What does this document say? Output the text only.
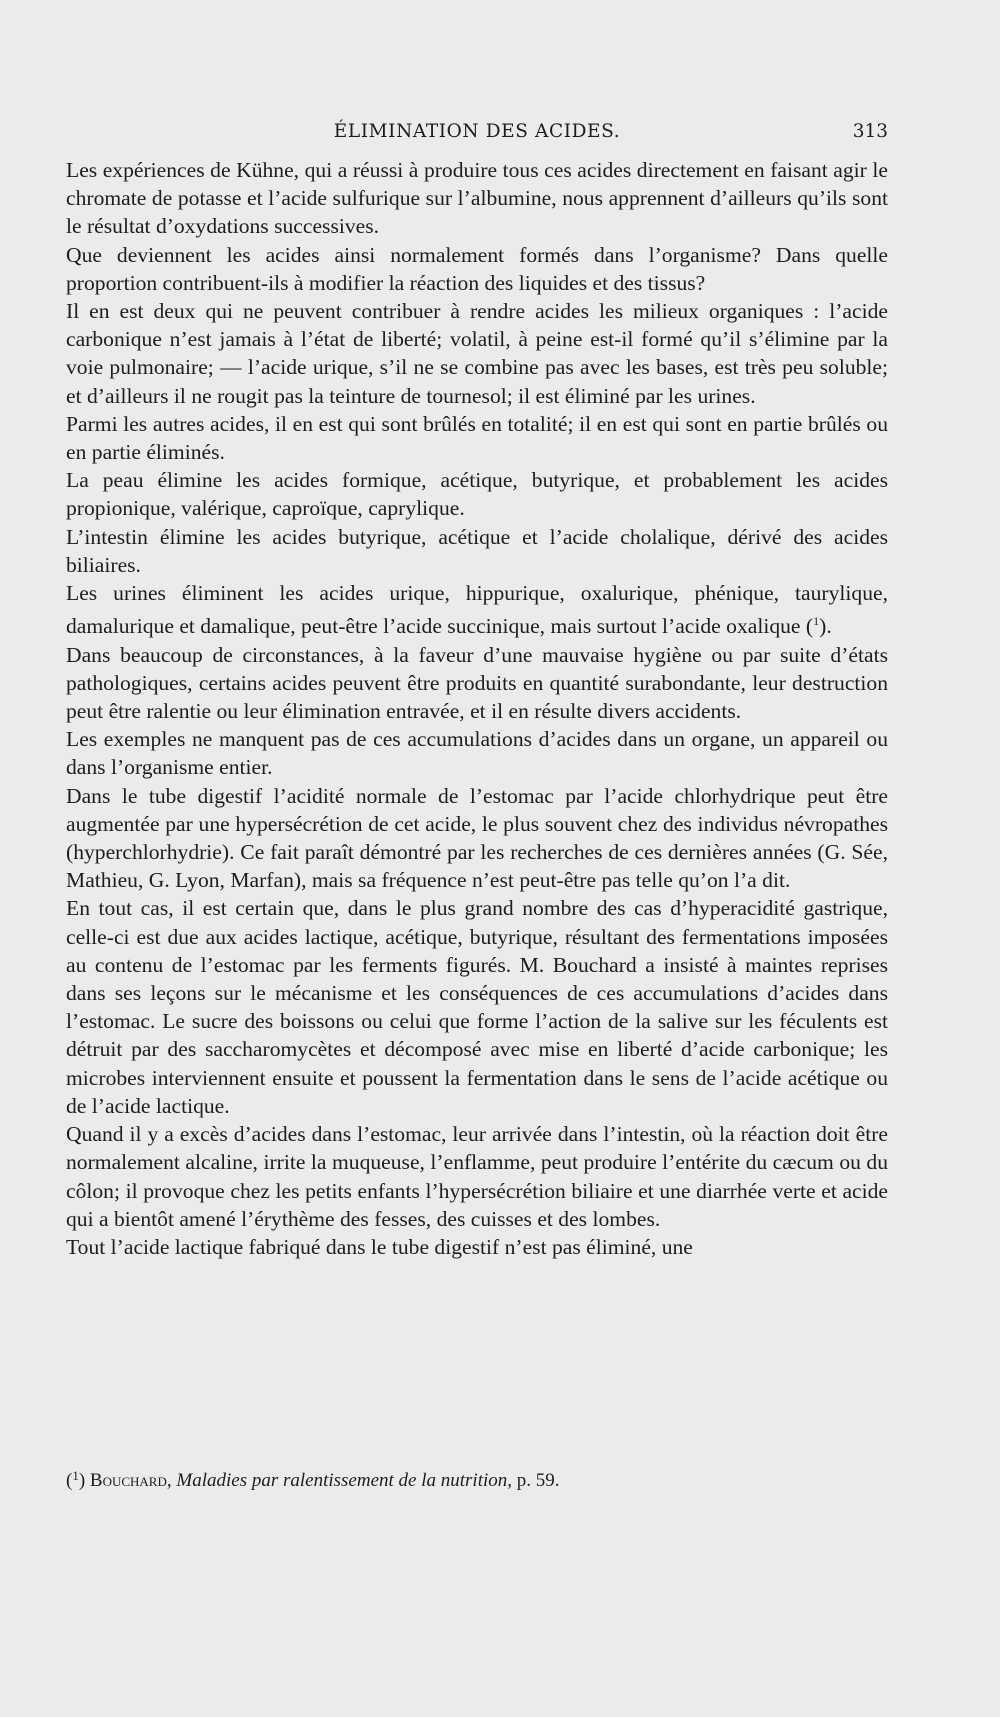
ÉLIMINATION DES ACIDES.	313

Les expériences de Kühne, qui a réussi à produire tous ces acides directement en faisant agir le chromate de potasse et l’acide sulfurique sur l’albumine, nous apprennent d’ailleurs qu’ils sont le résultat d’oxydations successives.

Que deviennent les acides ainsi normalement formés dans l’organisme? Dans quelle proportion contribuent-ils à modifier la réaction des liquides et des tissus?

Il en est deux qui ne peuvent contribuer à rendre acides les milieux organiques : l’acide carbonique n’est jamais à l’état de liberté; volatil, à peine est-il formé qu’il s’élimine par la voie pulmonaire; — l’acide urique, s’il ne se combine pas avec les bases, est très peu soluble; et d’ailleurs il ne rougit pas la teinture de tournesol; il est éliminé par les urines.

Parmi les autres acides, il en est qui sont brûlés en totalité; il en est qui sont en partie brûlés ou en partie éliminés.

La peau élimine les acides formique, acétique, butyrique, et probablement les acides propionique, valérique, caproïque, caprylique.

L’intestin élimine les acides butyrique, acétique et l’acide cholalique, dérivé des acides biliaires.

Les urines éliminent les acides urique, hippurique, oxalurique, phénique, taurylique, damalurique et damalique, peut-être l’acide succinique, mais surtout l’acide oxalique ($^1$).

Dans beaucoup de circonstances, à la faveur d’une mauvaise hygiène ou par suite d’états pathologiques, certains acides peuvent être produits en quantité surabondante, leur destruction peut être ralentie ou leur élimination entravée, et il en résulte divers accidents.

Les exemples ne manquent pas de ces accumulations d’acides dans un organe, un appareil ou dans l’organisme entier.

Dans le tube digestif l’acidité normale de l’estomac par l’acide chlorhydrique peut être augmentée par une hypersécrétion de cet acide, le plus souvent chez des individus névropathes (hyperchlorhydrie). Ce fait paraît démontré par les recherches de ces dernières années (G. Sée, Mathieu, G. Lyon, Marfan), mais sa fréquence n’est peut-être pas telle qu’on l’a dit.

En tout cas, il est certain que, dans le plus grand nombre des cas d’hyperacidité gastrique, celle-ci est due aux acides lactique, acétique, butyrique, résultant des fermentations imposées au contenu de l’estomac par les ferments figurés. M. Bouchard a insisté à maintes reprises dans ses leçons sur le mécanisme et les conséquences de ces accumulations d’acides dans l’estomac. Le sucre des boissons ou celui que forme l’action de la salive sur les féculents est détruit par des saccharomycètes et décomposé avec mise en liberté d’acide carbonique; les microbes interviennent ensuite et poussent la fermentation dans le sens de l’acide acétique ou de l’acide lactique.

Quand il y a excès d’acides dans l’estomac, leur arrivée dans l’intestin, où la réaction doit être normalement alcaline, irrite la muqueuse, l’enflamme, peut produire l’entérite du cæcum ou du côlon; il provoque chez les petits enfants l’hypersécrétion biliaire et une diarrhée verte et acide qui a bientôt amené l’érythème des fesses, des cuisses et des lombes.

Tout l’acide lactique fabriqué dans le tube digestif n’est pas éliminé, une

($^1$) Bouchard, Maladies par ralentissement de la nutrition, p. 59.
